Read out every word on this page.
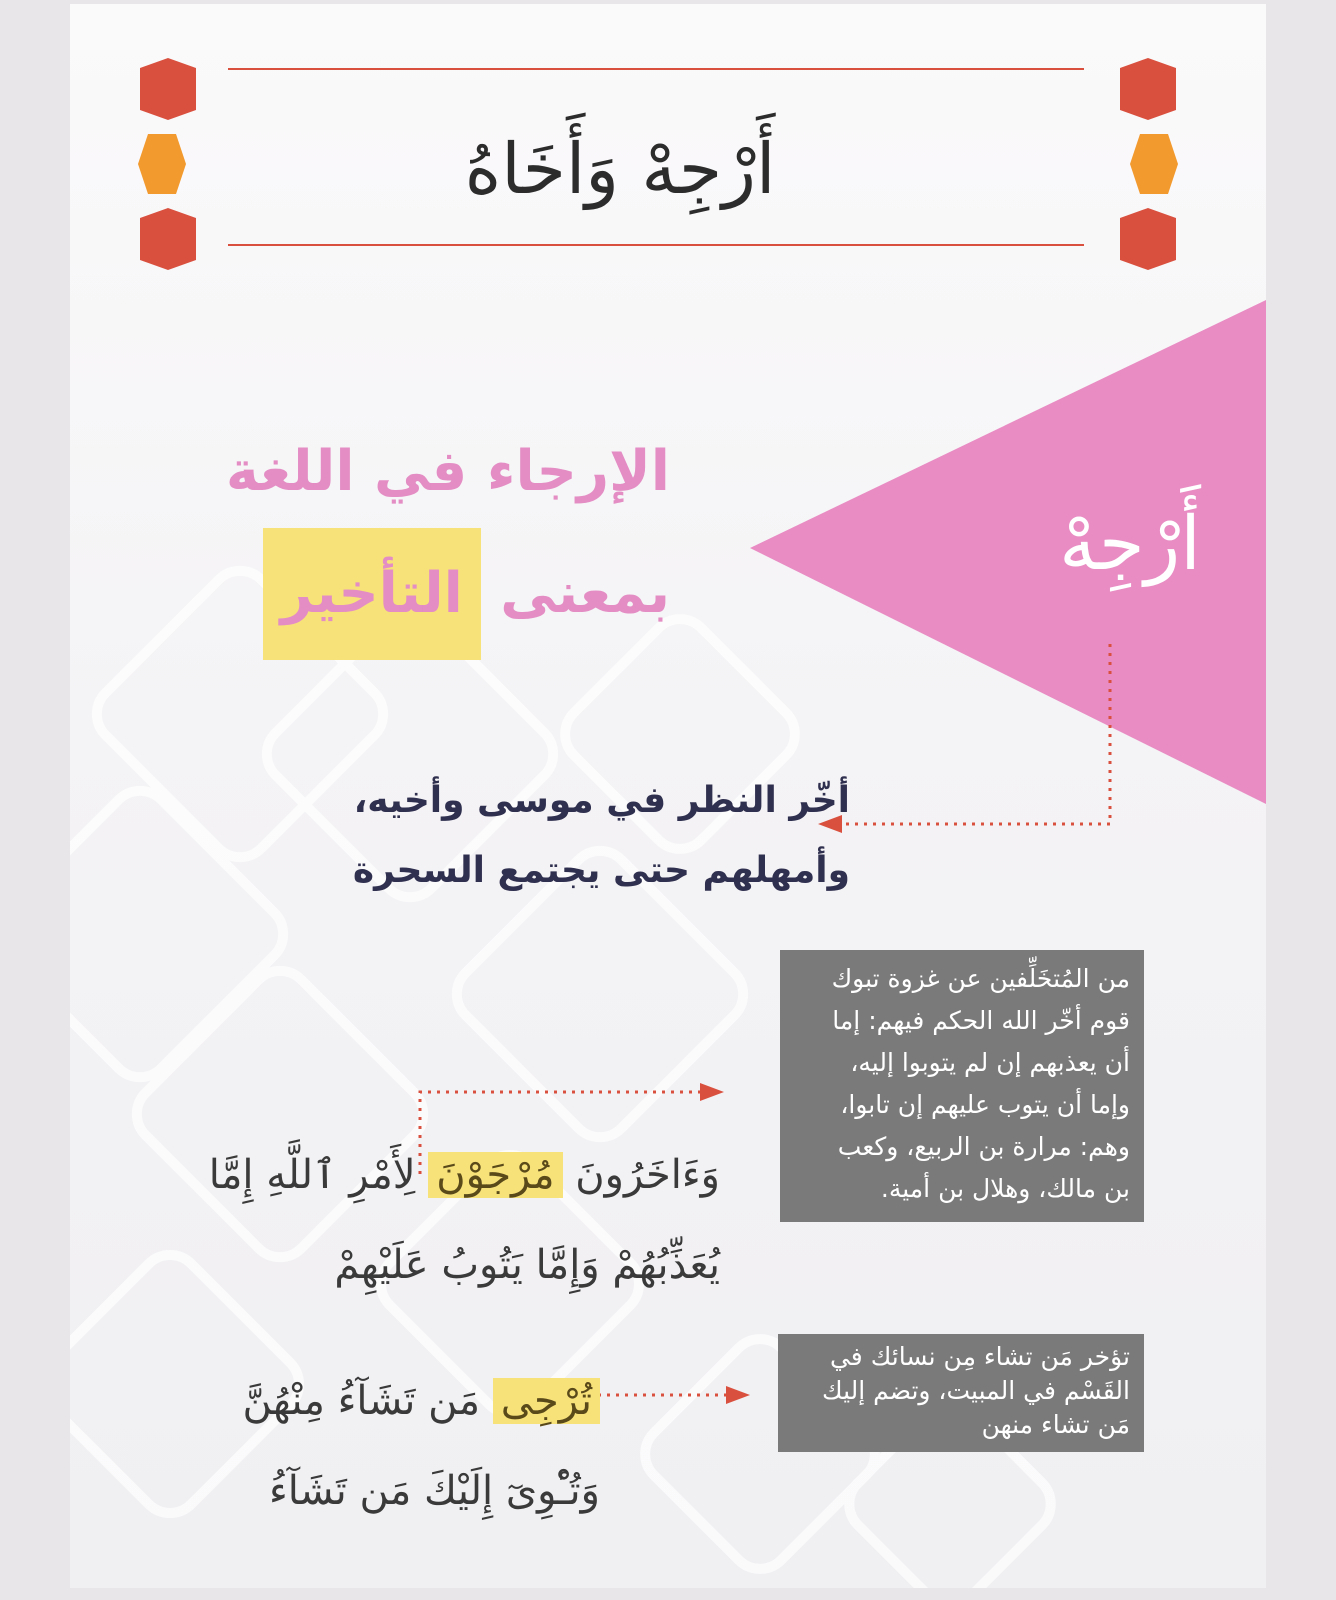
أَرْجِهْ وَأَخَاهُ
أَرْجِهْ
الإرجاء في اللغة
بمعنى التأخير
أخّر النظر في موسى وأخيه،
وأمهلهم حتى يجتمع السحرة
من المُتخَلِّفين عن غزوة تبوك
قوم أخّر الله الحكم فيهم: إما
أن يعذبهم إن لم يتوبوا إليه،
وإما أن يتوب عليهم إن تابوا،
وهم: مرارة بن الربيع، وكعب
بن مالك، وهلال بن أمية.
وَءَاخَرُونَ مُرْجَوْنَ لِأَمْرِ ٱللَّهِ إِمَّا
يُعَذِّبُهُمْ وَإِمَّا يَتُوبُ عَلَيْهِمْ
تؤخر مَن تشاء مِن نسائك في
القَسْم في المبيت، وتضم إليك
مَن تشاء منهن
تُرْجِى مَن تَشَآءُ مِنْهُنَّ
وَتُـْٔوِىٓ إِلَيْكَ مَن تَشَآءُ
